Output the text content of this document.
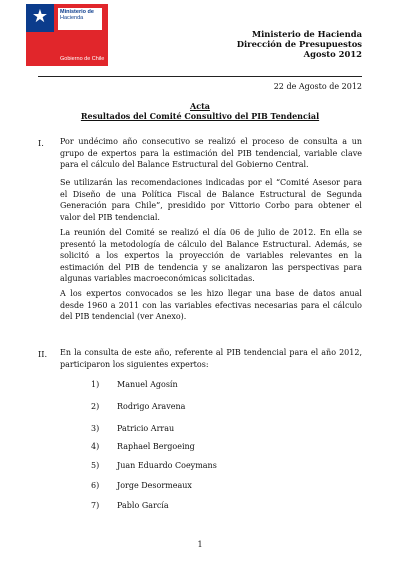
★	Ministerio de
Hacienda
Gobierno de Chile
Ministerio de Hacienda
Dirección de Presupuestos
Agosto 2012
22 de Agosto de 2012
Acta
Resultados del Comité Consultivo del PIB Tendencial
I. Por undécimo año consecutivo se realizó el proceso de consulta a un grupo de expertos para la estimación del PIB tendencial, variable clave para el cálculo del Balance Estructural del Gobierno Central.
Se utilizarán las recomendaciones indicadas por el “Comité Asesor para el Diseño de una Política Fiscal de Balance Estructural de Segunda Generación para Chile”, presidido por Vittorio Corbo para obtener el valor del PIB tendencial.
La reunión del Comité se realizó el día 06 de julio de 2012. En ella se presentó la metodología de cálculo del Balance Estructural. Además, se solicitó a los expertos la proyección de variables relevantes en la estimación del PIB de tendencia y se analizaron las perspectivas para algunas variables macroeconómicas solicitadas.
A los expertos convocados se les hizo llegar una base de datos anual desde 1960 a 2011 con las variables efectivas necesarias para el cálculo del PIB tendencial (ver Anexo).
II. En la consulta de este año, referente al PIB tendencial para el año 2012, participaron los siguientes expertos:
1) Manuel Agosín
2) Rodrigo Aravena
3) Patricio Arrau
4) Raphael Bergoeing
5) Juan Eduardo Coeymans
6) Jorge Desormeaux
7) Pablo García
1
